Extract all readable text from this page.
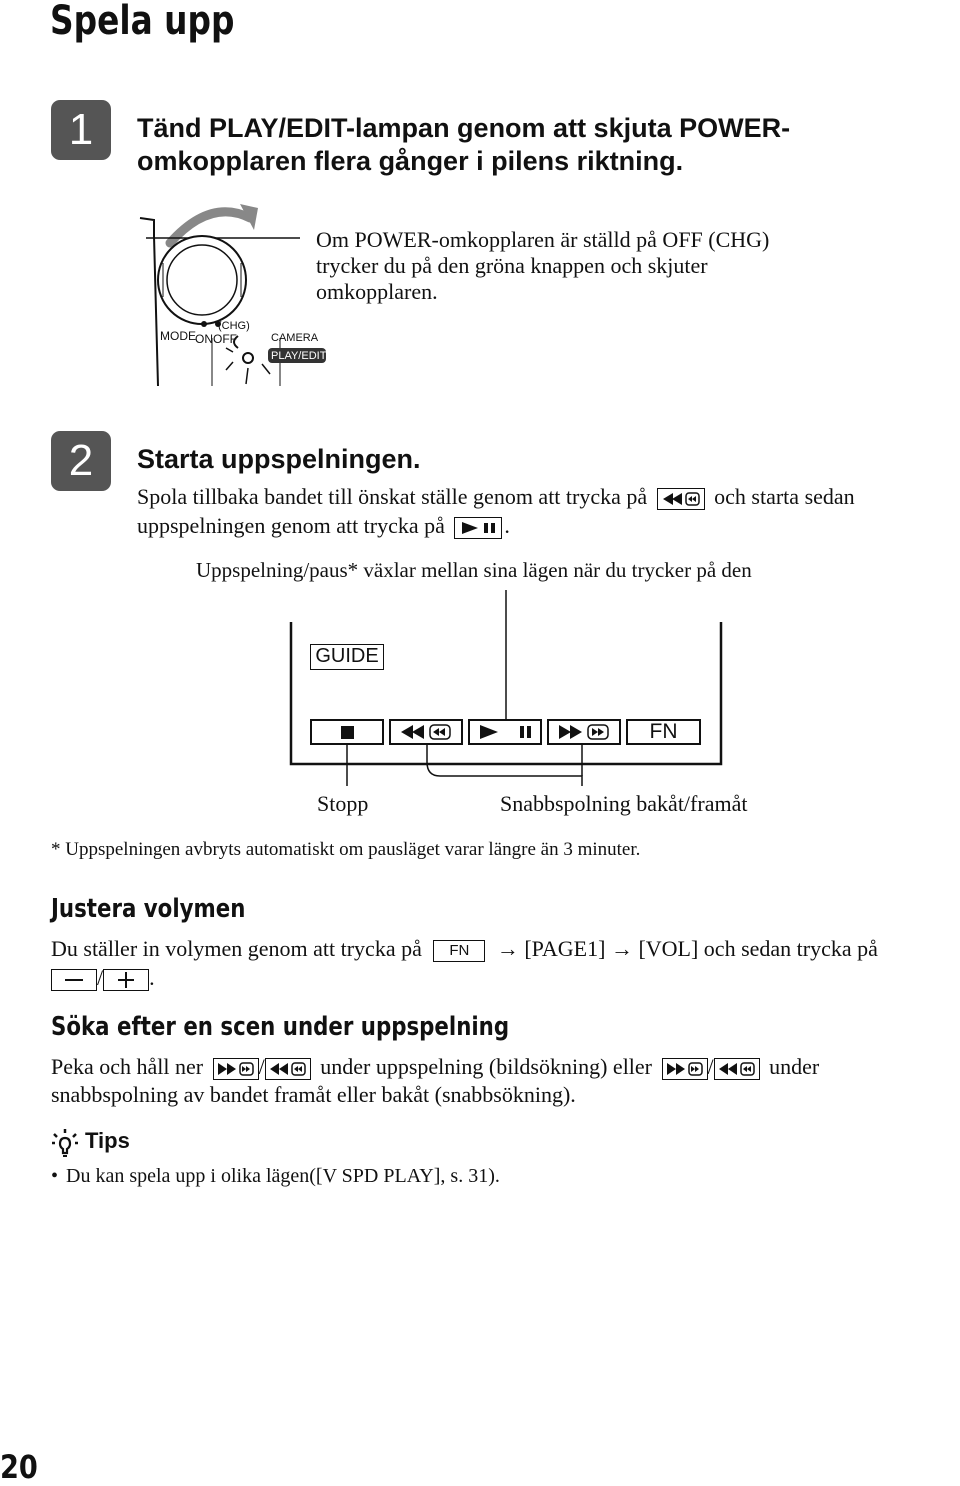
Spela upp
1	Tänd PLAY/EDIT-lampan genom att skjuta POWER-
omkopplaren flera gånger i pilens riktning.
MODE ON OFF
(CHG)
CAMERA
PLAY/EDIT
Om POWER-omkopplaren är ställd på OFF (CHG)
trycker du på den gröna knappen och skjuter
omkopplaren.
2	Starta uppspelningen.
Spola tillbaka bandet till önskat ställe genom att trycka på	och starta sedan
uppspelningen genom att trycka på	.
Uppspelning/paus* växlar mellan sina lägen när du trycker på den
GUIDE
FN
Stopp	Snabbspolning bakåt/framåt
* Uppspelningen avbryts automatiskt om pausläget varar längre än 3 minuter.
Justera volymen
Du ställer in volymen genom att trycka på FN → [PAGE1] → [VOL] och sedan trycka på
/ .
Söka efter en scen under uppspelning
Peka och håll ner	/	under uppspelning (bildsökning) eller	/	under
snabbspolning av bandet framåt eller bakåt (snabbsökning).
Tips
• Du kan spela upp i olika lägen([V SPD PLAY], s. 31).
20
